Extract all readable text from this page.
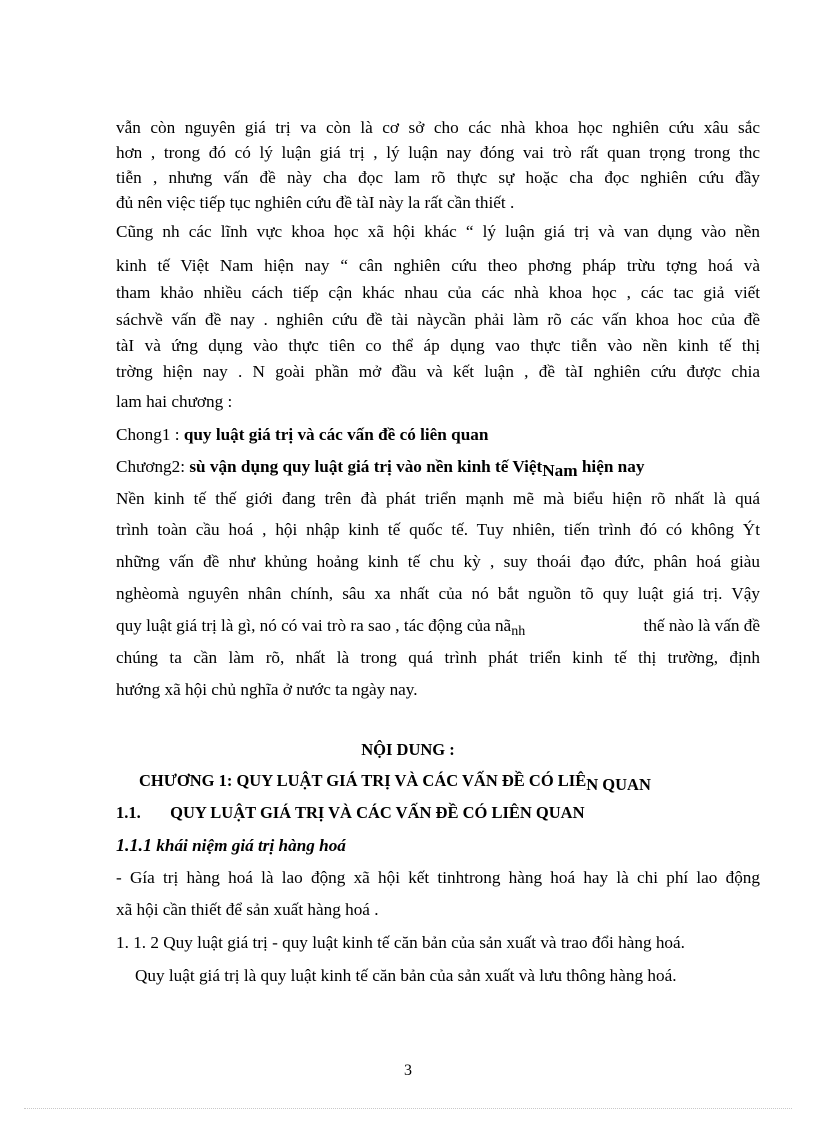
vẫn còn nguyên giá trị va còn là cơ sở cho các nhà khoa học nghiên cứu xâu sắc
hơn , trong đó có lý luận giá trị , lý luận nay đóng vai trò rất quan trọng trong thc
tiễn , nhưng vấn đề này cha đọc lam rõ thực sự hoặc cha đọc nghiên cứu đầy
đủ nên việc tiếp tục nghiên cứu đề tàI này la rất cần thiết .
Cũng nh các lĩnh vực khoa học xã hội khác “ lý luận giá trị và van dụng vào nền
kinh tế Việt Nam hiện nay “ cân nghiên cứu theo phơng pháp trừu tợng hoá và
tham khảo nhiều cách tiếp cận khác nhau của các nhà khoa học , các tac giả viết
sáchvề vấn đề nay . nghiên cứu đề tài nàycần phải làm rõ các vấn khoa hoc của đề
tàI và ứng dụng vào thực tiên co thể áp dụng vao thực tiễn vào nền kinh tế thị
trờng hiện nay . N goài phần mở đầu và kết luận , đề tàI nghiên cứu được chia
lam hai chương :
Chong1 : quy luật giá trị và các vấn đề có liên quan
Chương2: sù vận dụng quy luật giá trị vào nền kinh tế ViệtNam hiện nay
Nền kinh tế thế giới đang trên đà phát triển mạnh mẽ mà biểu hiện rõ nhất là quá
trình toàn cầu hoá , hội nhập kinh tế quốc tế. Tuy nhiên, tiến trình đó có không Ýt
những vấn đề như khủng hoảng kinh tế chu kỳ , suy thoái đạo đức, phân hoá giàu
nghèomà nguyên nhân chính, sâu xa nhất của nó bắt nguồn tõ quy luật giá trị. Vậy
quy luật giá trị là gì, nó có vai trò ra sao , tác động của $nã_{nh}$	thế nào là vấn đề
chúng ta cần làm rõ, nhất là trong quá trình phát triển kinh tế thị trường, định
hướng xã hội chủ nghĩa ở nước ta ngày nay.
NỘI DUNG :
CHƯƠNG 1: QUY LUẬT GIÁ TRỊ VÀ CÁC VẤN ĐỀ CÓ LIÊN QUAN
1.1. QUY LUẬT GIÁ TRỊ VÀ CÁC VẤN ĐỀ CÓ LIÊN QUAN
1.1.1 khái niệm giá trị hàng hoá
- Gía trị hàng hoá là lao động xã hội kết tinhtrong hàng hoá hay là chi phí lao động
xã hội cần thiết để sản xuất hàng hoá .
1. 1. 2 Quy luật giá trị - quy luật kinh tế căn bản của sản xuất và trao đổi hàng hoá.
Quy luật giá trị là quy luật kinh tế căn bản của sản xuất và lưu thông hàng hoá.
3
